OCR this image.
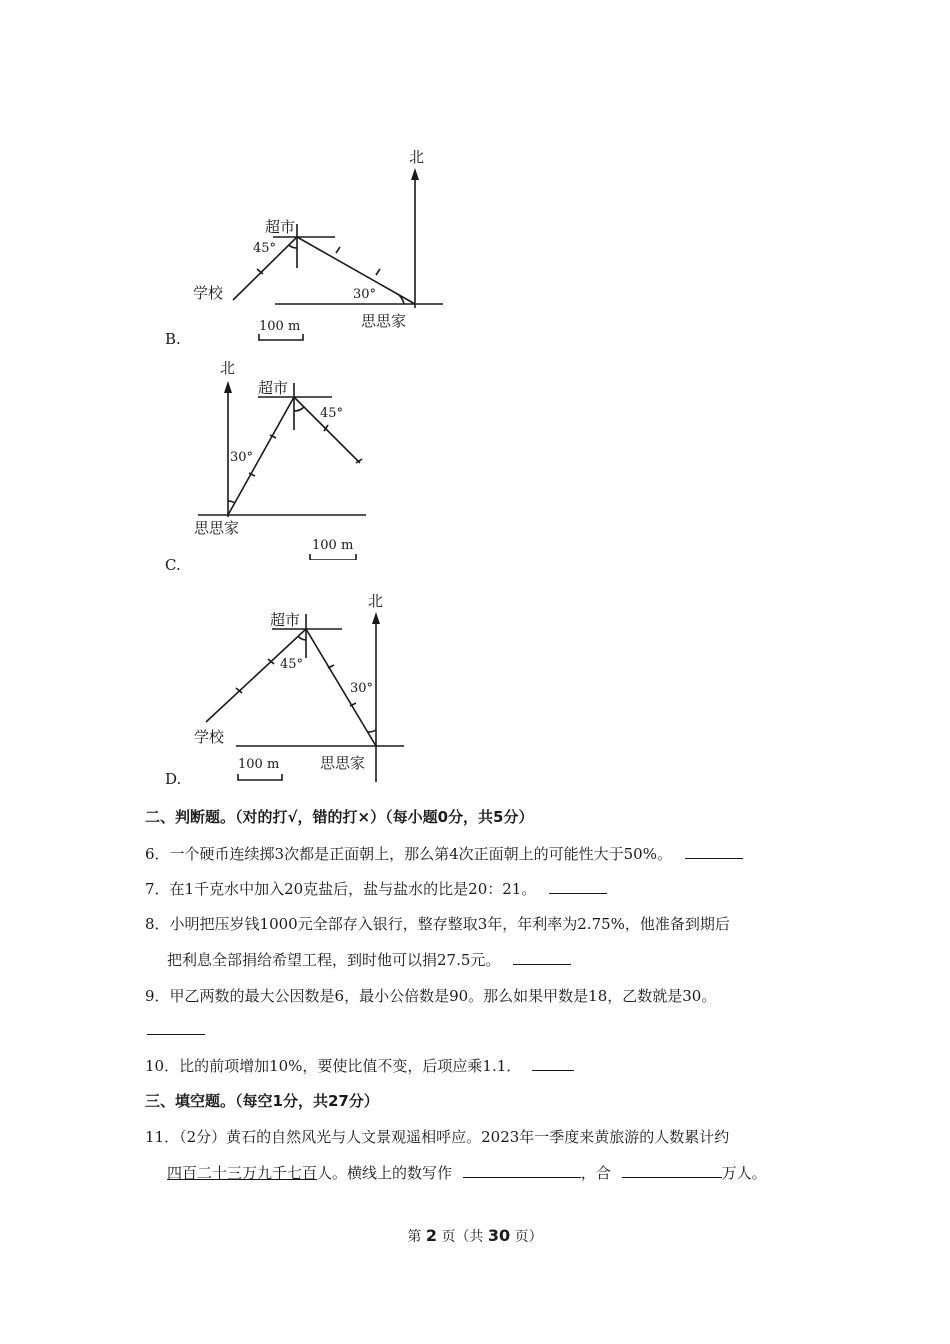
北
超市
45°
30°
学校
思思家
100 m
B.
北
超市
45°
30°
思思家
100 m
C.
北
超市
45°
30°
学校
思思家
100 m
D.
二、判断题。（对的打√，错的打×）（每小题0分，共5分）
6．一个硬币连续掷3次都是正面朝上，那么第4次正面朝上的可能性大于50%。
7．在1千克水中加入20克盐后，盐与盐水的比是20：21。
8．小明把压岁钱1000元全部存入银行，整存整取3年，年利率为2.75%，他准备到期后
把利息全部捐给希望工程，到时他可以捐27.5元。
9．甲乙两数的最大公因数是6，最小公倍数是90。那么如果甲数是18，乙数就是30。
10．比的前项增加10%，要使比值不变，后项应乘1.1．
三、填空题。（每空1分，共27分）
11．（2分）黄石的自然风光与人文景观遥相呼应。2023年一季度来黄旅游的人数累计约
四百二十三万九千七百人。横线上的数写作	，合	万人。
第 2 页（共 30 页）
